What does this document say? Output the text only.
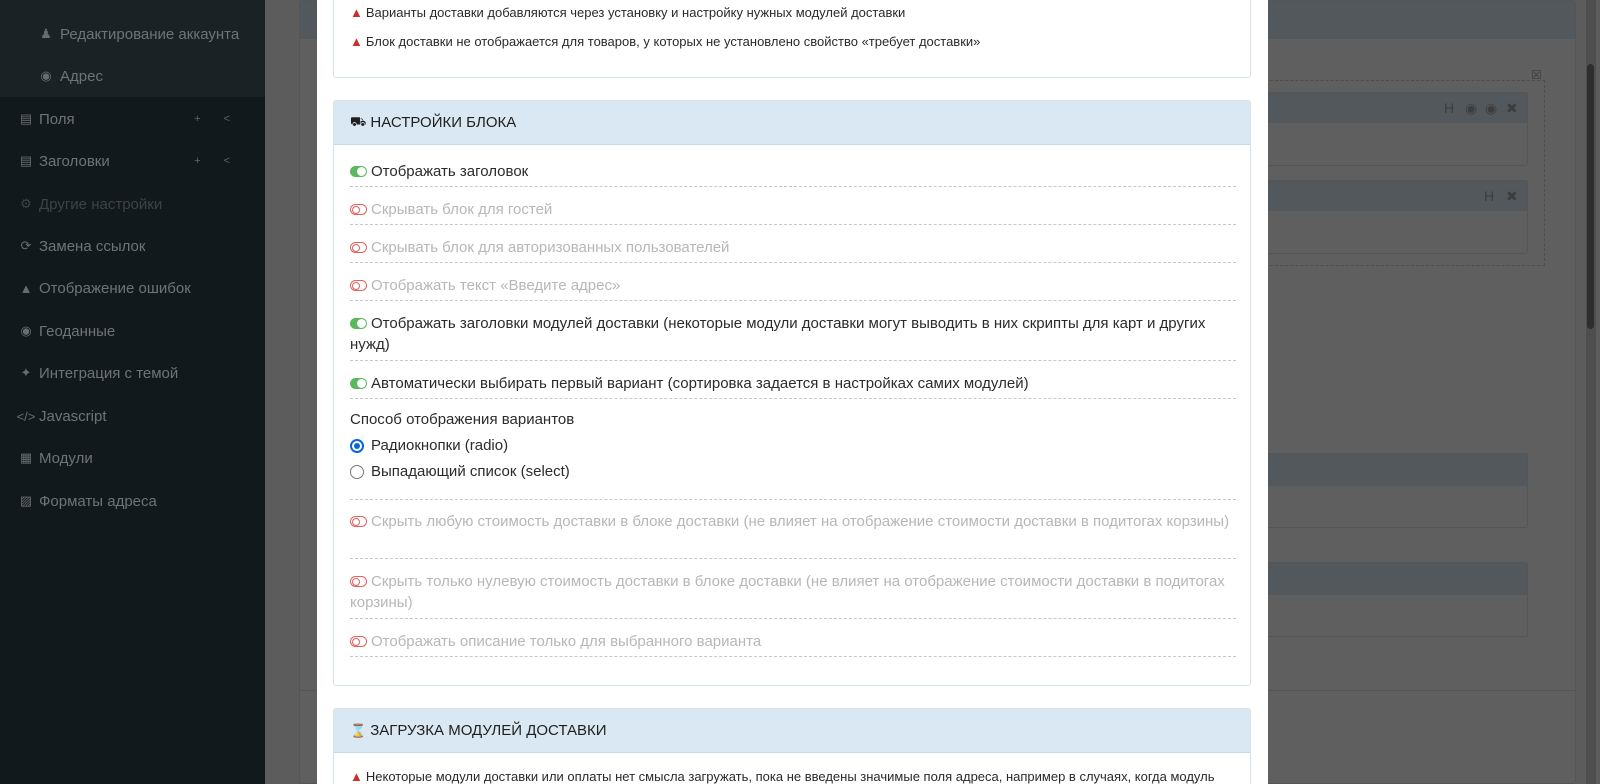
♟ Редактирование аккаунта
◉ Адрес
▤ Поля	+ <
▤ Заголовки	+ <
⚙ Другие настройки
⟳ Замена ссылок
▲ Отображение ошибок
◉ Геоданные
✦ Интеграция с темой
</> Javascript
▦ Модули
▨ Форматы адреса
☒
H ◉ ◉ ✖
H ✖
▲ Варианты доставки добавляются через установку и настройку нужных модулей доставки
▲ Блок доставки не отображается для товаров, у которых не установлено свойство «требует доставки»
⛟ НАСТРОЙКИ БЛОКА
Отображать заголовок
Скрывать блок для гостей
Скрывать блок для авторизованных пользователей
Отображать текст «Введите адрес»
Отображать заголовки модулей доставки (некоторые модули доставки могут выводить в них скрипты для карт и других нужд)
Автоматически выбирать первый вариант (сортировка задается в настройках самих модулей)
Способ отображения вариантов
Радиокнопки (radio)
Выпадающий список (select)
Скрыть любую стоимость доставки в блоке доставки (не влияет на отображение стоимости доставки в подитогах корзины)
Скрыть только нулевую стоимость доставки в блоке доставки (не влияет на отображение стоимости доставки в подитогах корзины)
Отображать описание только для выбранного варианта
⌛ ЗАГРУЗКА МОДУЛЕЙ ДОСТАВКИ
▲ Некоторые модули доставки или оплаты нет смысла загружать, пока не введены значимые поля адреса, например в случаях, когда модуль
